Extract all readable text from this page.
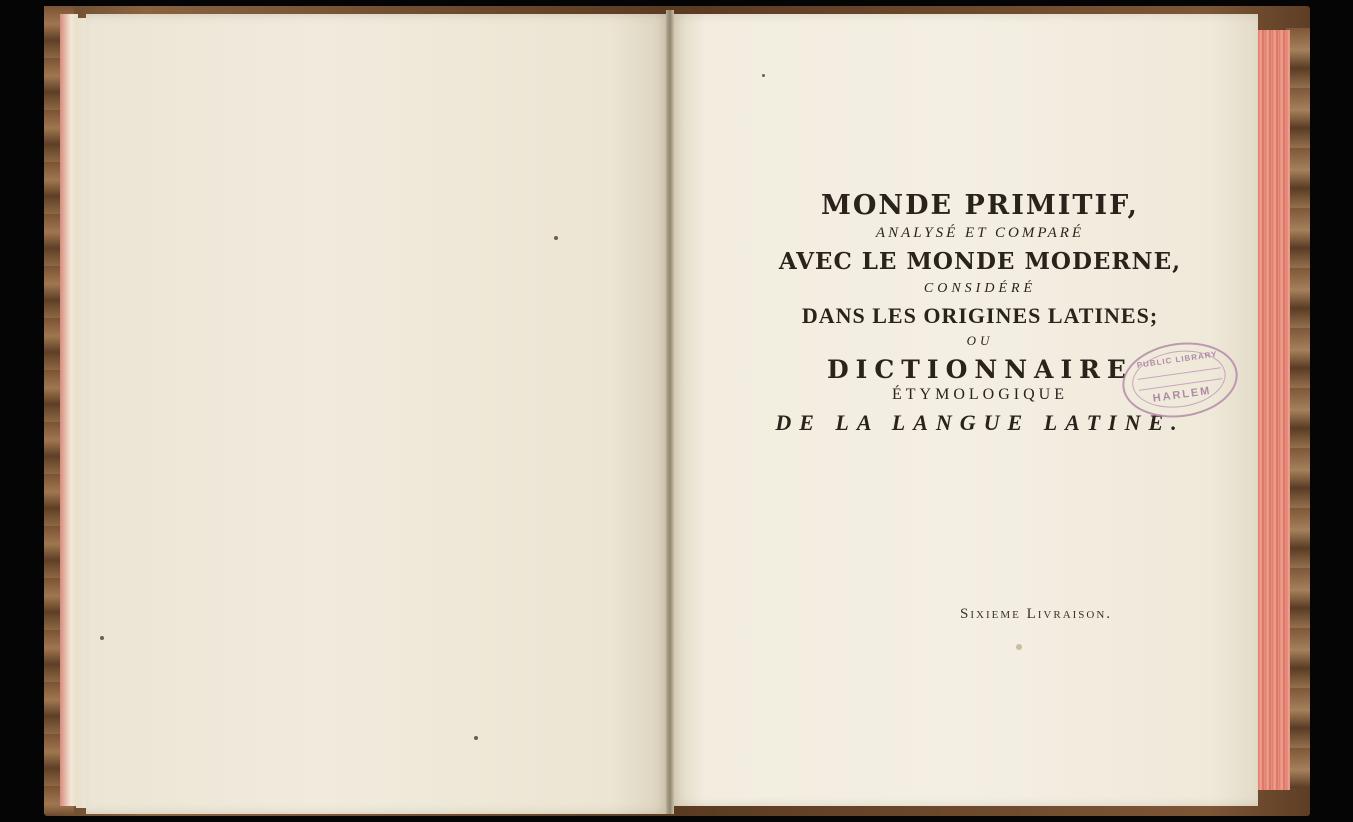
MONDE PRIMITIF,
ANALYSÉ ET COMPARÉ
AVEC LE MONDE MODERNE,
CONSIDÉRÉ
DANS LES ORIGINES LATINES;
OU
DICTIONNAIRE
ÉTYMOLOGIQUE
DE LA LANGUE LATINE.
Sixieme Livraison.
PUBLIC LIBRARY
HARLEM
